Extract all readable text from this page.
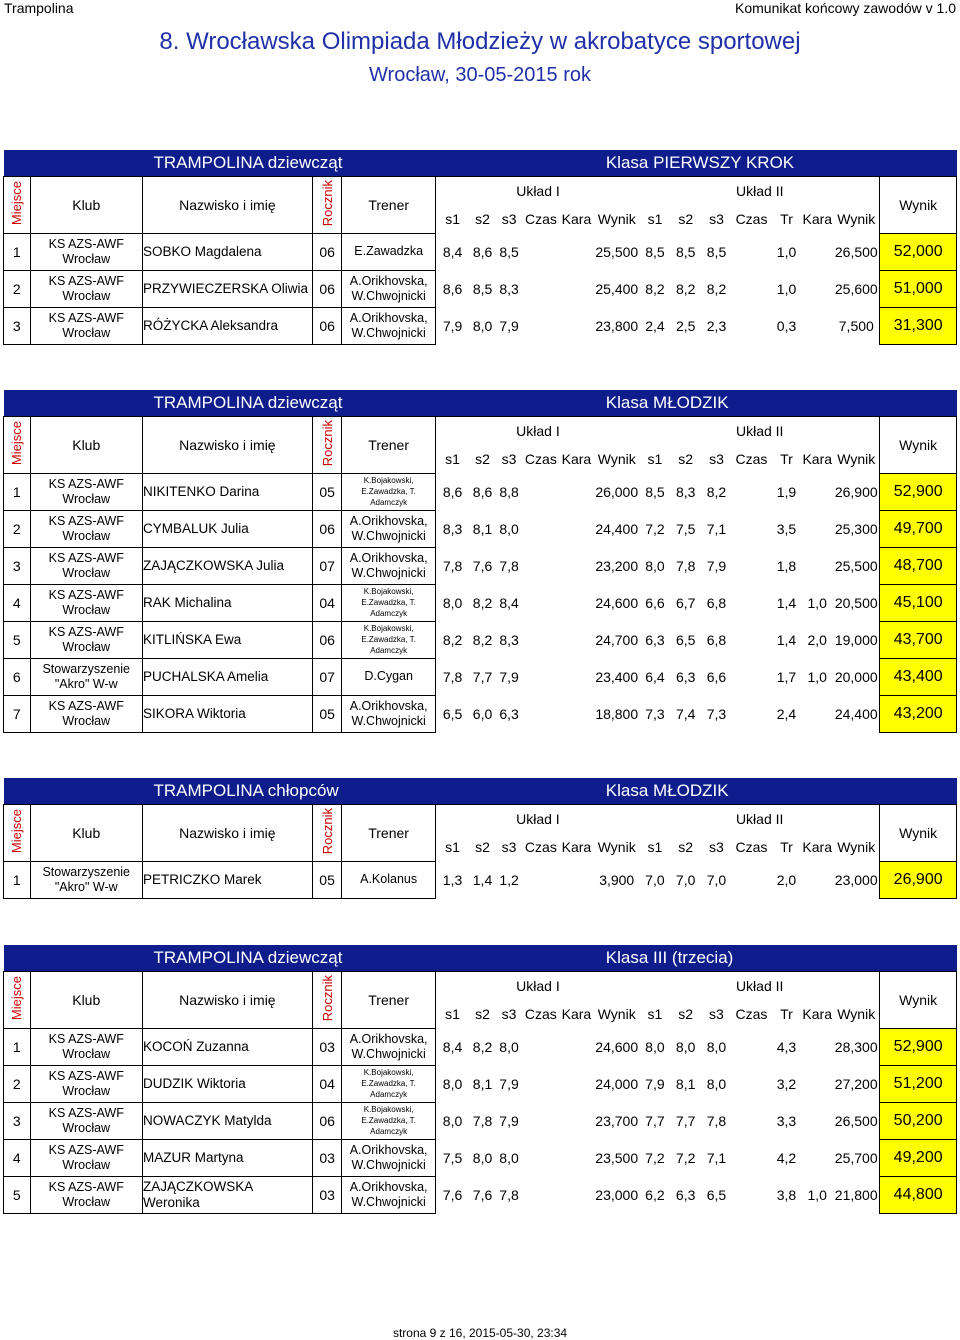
Trampolina	Komunikat końcowy zawodów v 1.0
8. Wrocławska Olimpiada Młodzieży w akrobatyce sportowej
Wrocław, 30-05-2015 rok
TRAMPOLINA dziewcząt							Klasa PIERWSZY KROK											
Miejsce	Klub	Nazwisko i imię	Rocznik	Trener	Układ I						Układ II							Wynik
					s1	s2	s3	Czas	Kara	Wynik	s1	s2	s3	Czas	Tr	Kara	Wynik	
1	KS AZS-AWF Wrocław	SOBKO Magdalena	06	E.Zawadzka	8,4	8,6	8,5			25,500	8,5	8,5	8,5		1,0		26,500	52,000
2	KS AZS-AWF Wrocław	PRZYWIECZERSKA Oliwia	06	A.Orikhovska, W.Chwojnicki	8,6	8,5	8,3			25,400	8,2	8,2	8,2		1,0		25,600	51,000
3	KS AZS-AWF Wrocław	RÓŻYCKA Aleksandra	06	A.Orikhovska, W.Chwojnicki	7,9	8,0	7,9			23,800	2,4	2,5	2,3		0,3		7,500	31,300
TRAMPOLINA dziewcząt							Klasa MŁODZIK											
Miejsce	Klub	Nazwisko i imię	Rocznik	Trener	Układ I						Układ II							Wynik
					s1	s2	s3	Czas	Kara	Wynik	s1	s2	s3	Czas	Tr	Kara	Wynik	
1	KS AZS-AWF Wrocław	NIKITENKO Darina	05	K.Bojakowski, E.Zawadzka, T. Adamczyk	8,6	8,6	8,8			26,000	8,5	8,3	8,2		1,9		26,900	52,900
2	KS AZS-AWF Wrocław	CYMBALUK Julia	06	A.Orikhovska, W.Chwojnicki	8,3	8,1	8,0			24,400	7,2	7,5	7,1		3,5		25,300	49,700
3	KS AZS-AWF Wrocław	ZAJĄCZKOWSKA Julia	07	A.Orikhovska, W.Chwojnicki	7,8	7,6	7,8			23,200	8,0	7,8	7,9		1,8		25,500	48,700
4	KS AZS-AWF Wrocław	RAK Michalina	04	K.Bojakowski, E.Zawadzka, T. Adamczyk	8,0	8,2	8,4			24,600	6,6	6,7	6,8		1,4	1,0	20,500	45,100
5	KS AZS-AWF Wrocław	KITLIŃSKA Ewa	06	K.Bojakowski, E.Zawadzka, T. Adamczyk	8,2	8,2	8,3			24,700	6,3	6,5	6,8		1,4	2,0	19,000	43,700
6	Stowarzyszenie "Akro" W-w	PUCHALSKA Amelia	07	D.Cygan	7,8	7,7	7,9			23,400	6,4	6,3	6,6		1,7	1,0	20,000	43,400
7	KS AZS-AWF Wrocław	SIKORA Wiktoria	05	A.Orikhovska, W.Chwojnicki	6,5	6,0	6,3			18,800	7,3	7,4	7,3		2,4		24,400	43,200
TRAMPOLINA chłopców							Klasa MŁODZIK											
Miejsce	Klub	Nazwisko i imię	Rocznik	Trener	Układ I						Układ II							Wynik
					s1	s2	s3	Czas	Kara	Wynik	s1	s2	s3	Czas	Tr	Kara	Wynik	
1	Stowarzyszenie "Akro" W-w	PETRICZKO Marek	05	A.Kolanus	1,3	1,4	1,2			3,900	7,0	7,0	7,0		2,0		23,000	26,900
TRAMPOLINA dziewcząt							Klasa III (trzecia)											
Miejsce	Klub	Nazwisko i imię	Rocznik	Trener	Układ I						Układ II							Wynik
					s1	s2	s3	Czas	Kara	Wynik	s1	s2	s3	Czas	Tr	Kara	Wynik	
1	KS AZS-AWF Wrocław	KOCOŃ Zuzanna	03	A.Orikhovska, W.Chwojnicki	8,4	8,2	8,0			24,600	8,0	8,0	8,0		4,3		28,300	52,900
2	KS AZS-AWF Wrocław	DUDZIK Wiktoria	04	K.Bojakowski, E.Zawadzka, T. Adamczyk	8,0	8,1	7,9			24,000	7,9	8,1	8,0		3,2		27,200	51,200
3	KS AZS-AWF Wrocław	NOWACZYK Matylda	06	K.Bojakowski, E.Zawadzka, T. Adamczyk	8,0	7,8	7,9			23,700	7,7	7,7	7,8		3,3		26,500	50,200
4	KS AZS-AWF Wrocław	MAZUR Martyna	03	A.Orikhovska, W.Chwojnicki	7,5	8,0	8,0			23,500	7,2	7,2	7,1		4,2		25,700	49,200
5	KS AZS-AWF Wrocław	ZAJĄCZKOWSKA Weronika	03	A.Orikhovska, W.Chwojnicki	7,6	7,6	7,8			23,000	6,2	6,3	6,5		3,8	1,0	21,800	44,800
strona 9 z 16, 2015-05-30, 23:34
